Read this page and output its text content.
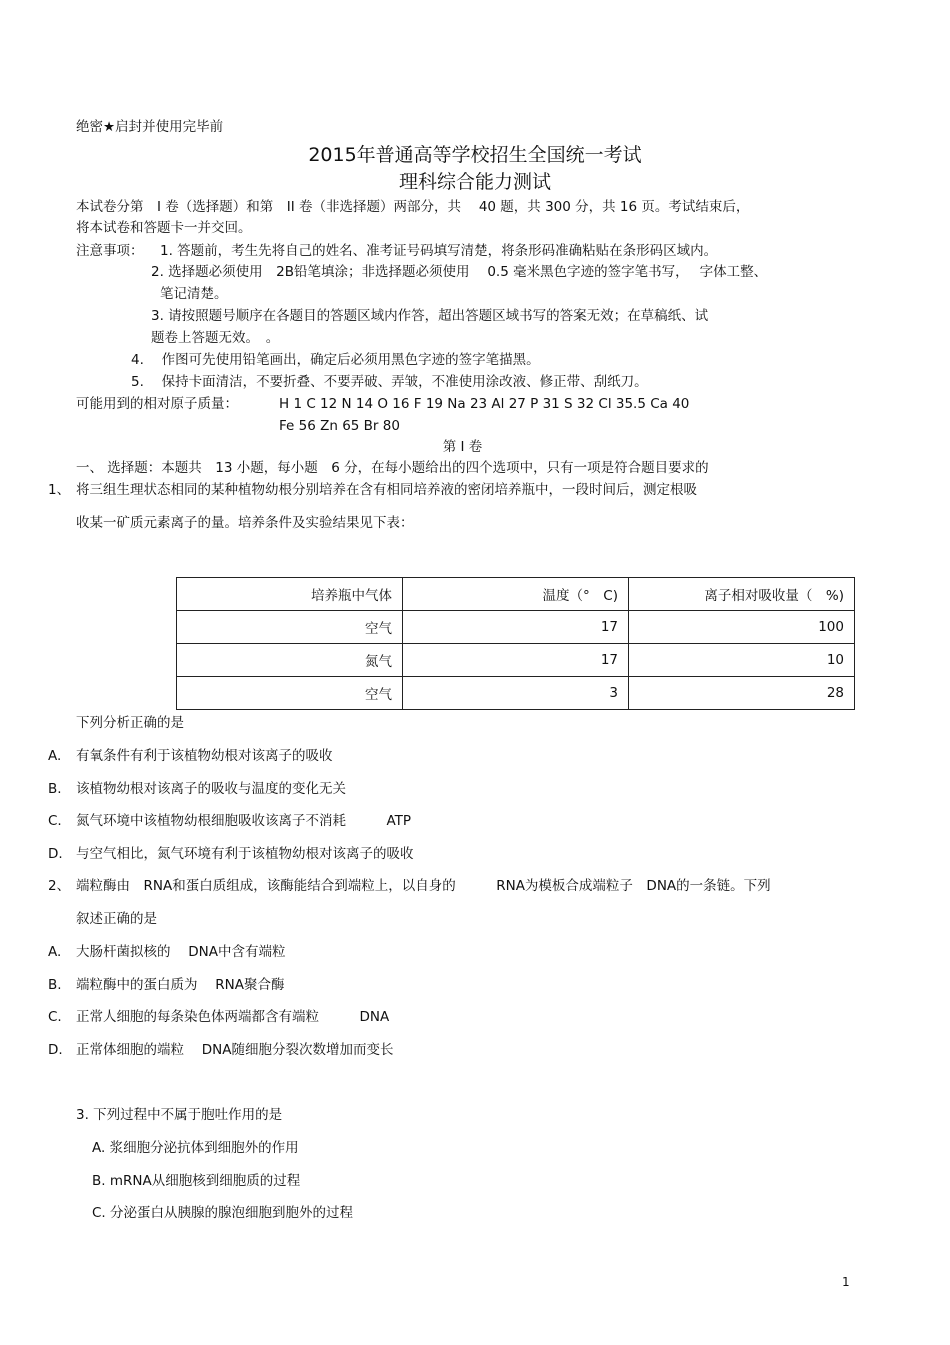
绝密★启封并使用完毕前
2015年普通高等学校招生全国统一考试
理科综合能力测试
本试卷分第　I 卷（选择题）和第　II 卷（非选择题）两部分，共　 40 题，共 300 分，共 16 页。考试结束后，
将本试卷和答题卡一并交回。
注意事项： 1. 答题前，考生先将自己的姓名、准考证号码填写清楚，将条形码准确粘贴在条形码区域内。
2. 选择题必须使用　2B铅笔填涂；非选择题必须使用　 0.5 毫米黑色字迹的签字笔书写，　 字体工整、
笔记清楚。
3. 请按照题号顺序在各题目的答题区域内作答，超出答题区域书写的答案无效；在草稿纸、试
题卷上答题无效。　。
4.　 作图可先使用铅笔画出，确定后必须用黑色字迹的签字笔描黑。
5.　 保持卡面清洁，不要折叠、不要弄破、弄皱，不准使用涂改液、修正带、刮纸刀。
可能用到的相对原子质量：	H 1 C 12 N 14 O 16 F 19 Na 23 Al 27 P 31 S 32 Cl 35.5 Ca 40
Fe 56 Zn 65 Br 80
第 I 卷
一、 选择题：本题共　13 小题，每小题　6 分，在每小题给出的四个选项中，只有一项是符合题目要求的
1、 将三组生理状态相同的某种植物幼根分别培养在含有相同培养液的密闭培养瓶中，一段时间后，测定根吸
收某一矿质元素离子的量。培养条件及实验结果见下表：
培养瓶中气体	温度（°　C)	离子相对吸收量（　%)
空气	17	100
氮气	17	10
空气	3	28
下列分析正确的是
A. 有氧条件有利于该植物幼根对该离子的吸收
B. 该植物幼根对该离子的吸收与温度的变化无关
C. 氮气环境中该植物幼根细胞吸收该离子不消耗　　　ATP
D. 与空气相比，氮气环境有利于该植物幼根对该离子的吸收
2、 端粒酶由　RNA和蛋白质组成，该酶能结合到端粒上，以自身的　　　RNA为模板合成端粒子　DNA的一条链。下列
叙述正确的是
A. 大肠杆菌拟核的　 DNA中含有端粒
B. 端粒酶中的蛋白质为　 RNA聚合酶
C. 正常人细胞的每条染色体两端都含有端粒　　　DNA
D. 正常体细胞的端粒　 DNA随细胞分裂次数增加而变长
3. 下列过程中不属于胞吐作用的是
A. 浆细胞分泌抗体到细胞外的作用
B. mRNA从细胞核到细胞质的过程
C. 分泌蛋白从胰腺的腺泡细胞到胞外的过程
1
